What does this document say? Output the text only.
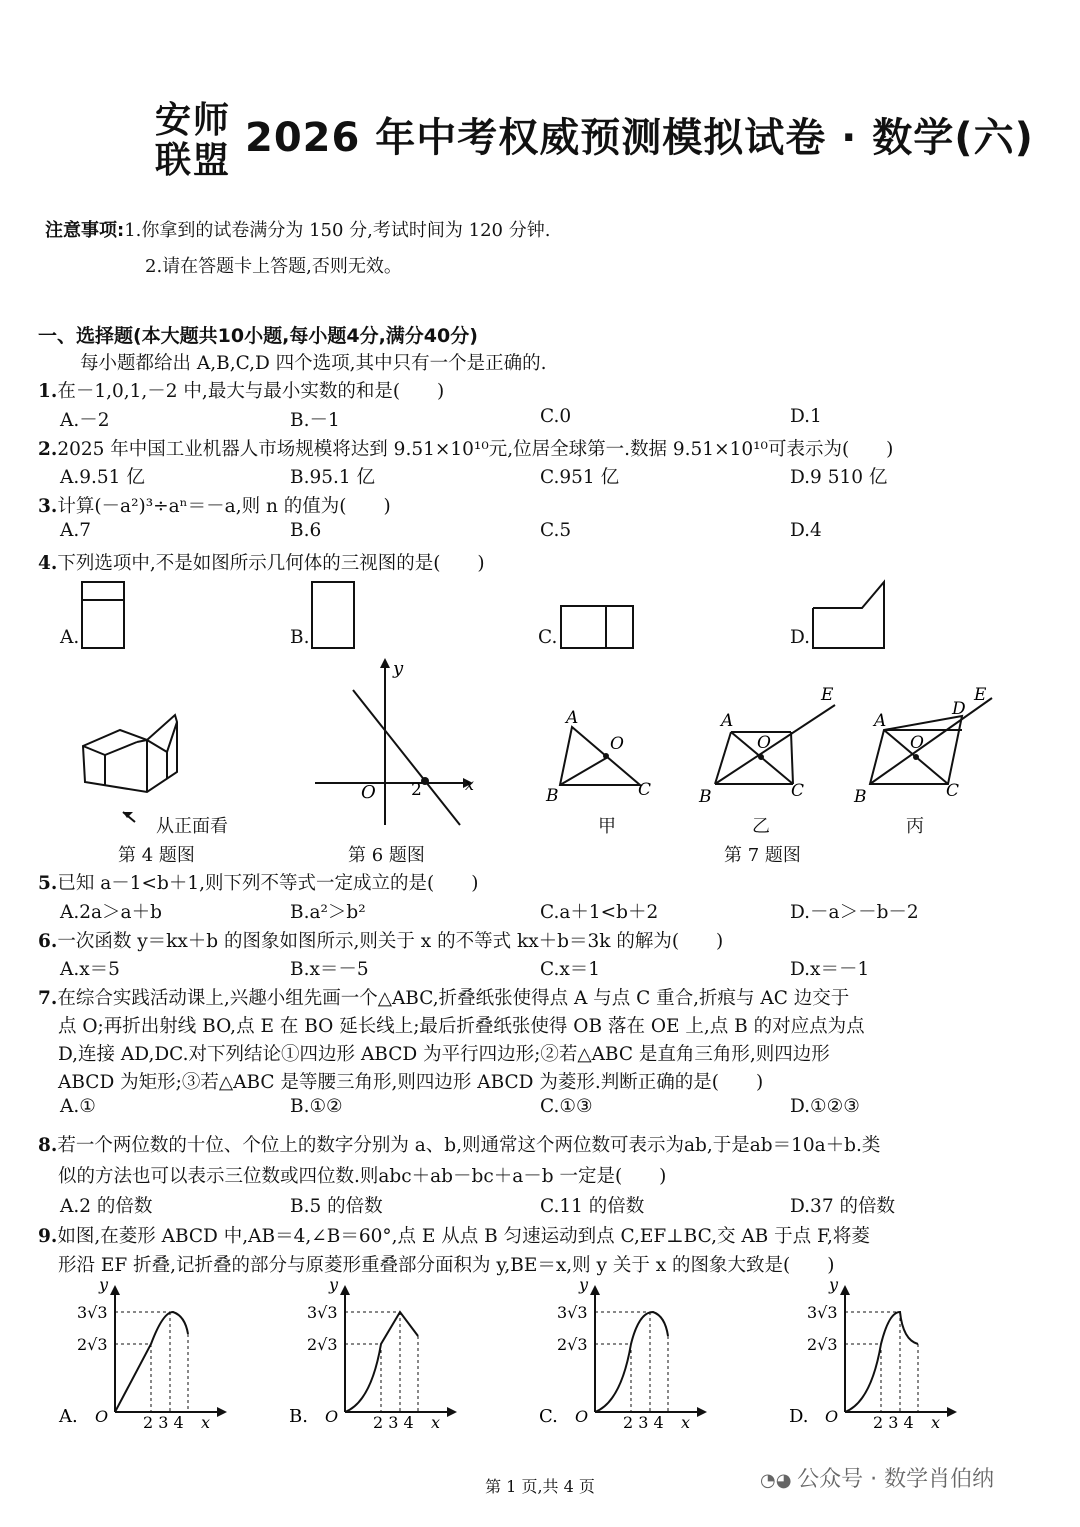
安师联盟 2026 年中考权威预测模拟试卷 · 数学(六)
注意事项:1.你拿到的试卷满分为 150 分,考试时间为 120 分钟.
2.请在答题卡上答题,否则无效。
一、选择题(本大题共10小题,每小题4分,满分40分)
每小题都给出 A,B,C,D 四个选项,其中只有一个是正确的.
1.在－1,0,1,－2 中,最大与最小实数的和是(　　)
A.－2	B.－1	C.0	D.1
2.2025 年中国工业机器人市场规模将达到 9.51×10¹⁰元,位居全球第一.数据 9.51×10¹⁰可表示为(　　)
A.9.51 亿	B.95.1 亿	C.951 亿	D.9 510 亿
3.计算(－a²)³÷aⁿ＝－a,则 n 的值为(　　)
A.7	B.6	C.5	D.4
4.下列选项中,不是如图所示几何体的三视图的是(　　)
A.	B.	C.	D.
从正面看
第 4 题图
y
x
O 2
第 6 题图
A
B	C
O
甲
A
B	C
O
E
乙
A
B	C
D
E
O
丙
第 7 题图
5.已知 a－1<b＋1,则下列不等式一定成立的是(　　)
A.2a＞a＋b	B.a²＞b²	C.a＋1<b＋2	D.－a＞－b－2
6.一次函数 y＝kx＋b 的图象如图所示,则关于 x 的不等式 kx＋b＝3k 的解为(　　)
A.x＝5	B.x＝－5	C.x＝1	D.x＝－1
7.在综合实践活动课上,兴趣小组先画一个△ABC,折叠纸张使得点 A 与点 C 重合,折痕与 AC 边交于
点 O;再折出射线 BO,点 E 在 BO 延长线上;最后折叠纸张使得 OB 落在 OE 上,点 B 的对应点为点
D,连接 AD,DC.对下列结论①四边形 ABCD 为平行四边形;②若△ABC 是直角三角形,则四边形
ABCD 为矩形;③若△ABC 是等腰三角形,则四边形 ABCD 为菱形.判断正确的是(　　)
A.①	B.①②	C.①③	D.①②③
8.若一个两位数的十位、个位上的数字分别为 a、b,则通常这个两位数可表示为ab,于是ab＝10a＋b.类
似的方法也可以表示三位数或四位数.则abc＋ab－bc＋a－b 一定是(　　)
A.2 的倍数	B.5 的倍数	C.11 的倍数	D.37 的倍数
9.如图,在菱形 ABCD 中,AB＝4,∠B＝60°,点 E 从点 B 匀速运动到点 C,EF⊥BC,交 AB 于点 F,将菱
形沿 EF 折叠,记折叠的部分与原菱形重叠部分面积为 y,BE＝x,则 y 关于 x 的图象大致是(　　)
A.
3√3
2√3
O 2 3 4 x
y
B.
3√3
2√3
O 2 3 4 x
y
C.
3√3
2√3
O 2 3 4 x
y
D.
3√3
2√3
O 2 3 4 x
y
第 1 页,共 4 页	◔◕ 公众号 · 数学肖伯纳
